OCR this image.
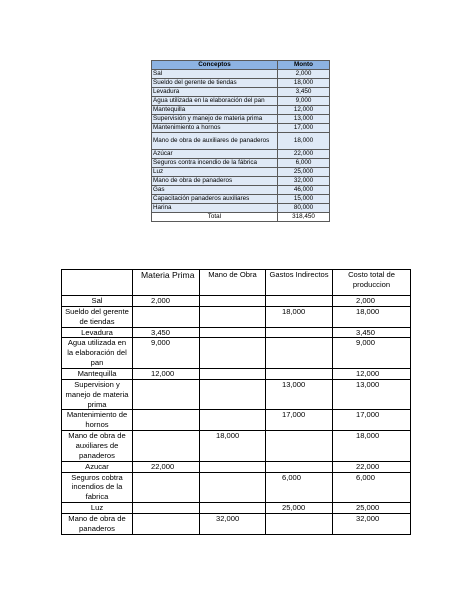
Conceptos	Monto
Sal	2,000
Sueldo del gerente de tiendas	18,000
Levadura	3,450
Agua utilizada en la elaboración del pan	9,000
Mantequilla	12,000
Supervisión y manejo de materia prima	13,000
Mantenimiento a hornos	17,000
Mano de obra de auxiliares de panaderos	18,000
Azúcar	22,000
Seguros contra incendio de la fábrica	6,000
Luz	25,000
Mano de obra de panaderos	32,000
Gas	46,000
Capacitación panaderos auxiliares	15,000
Harina	80,000
Total	318,450
	Materia Prima	Mano de Obra	Gastos Indirectos	Costo total de produccion
Sal	2,000			2,000
Sueldo del gerente de tiendas			18,000	18,000
Levadura	3,450			3,450
Agua utilizada en la elaboración del pan	9,000			9,000
Mantequilla	12,000			12,000
Supervision y manejo de materia prima			13,000	13,000
Mantenimiento de hornos			17,000	17,000
Mano de obra de auxiliares de panaderos		18,000		18,000
Azucar	22,000			22,000
Seguros cobtra incendios de la fabrica			6,000	6,000
Luz			25,000	25,000
Mano de obra de panaderos		32,000		32,000
